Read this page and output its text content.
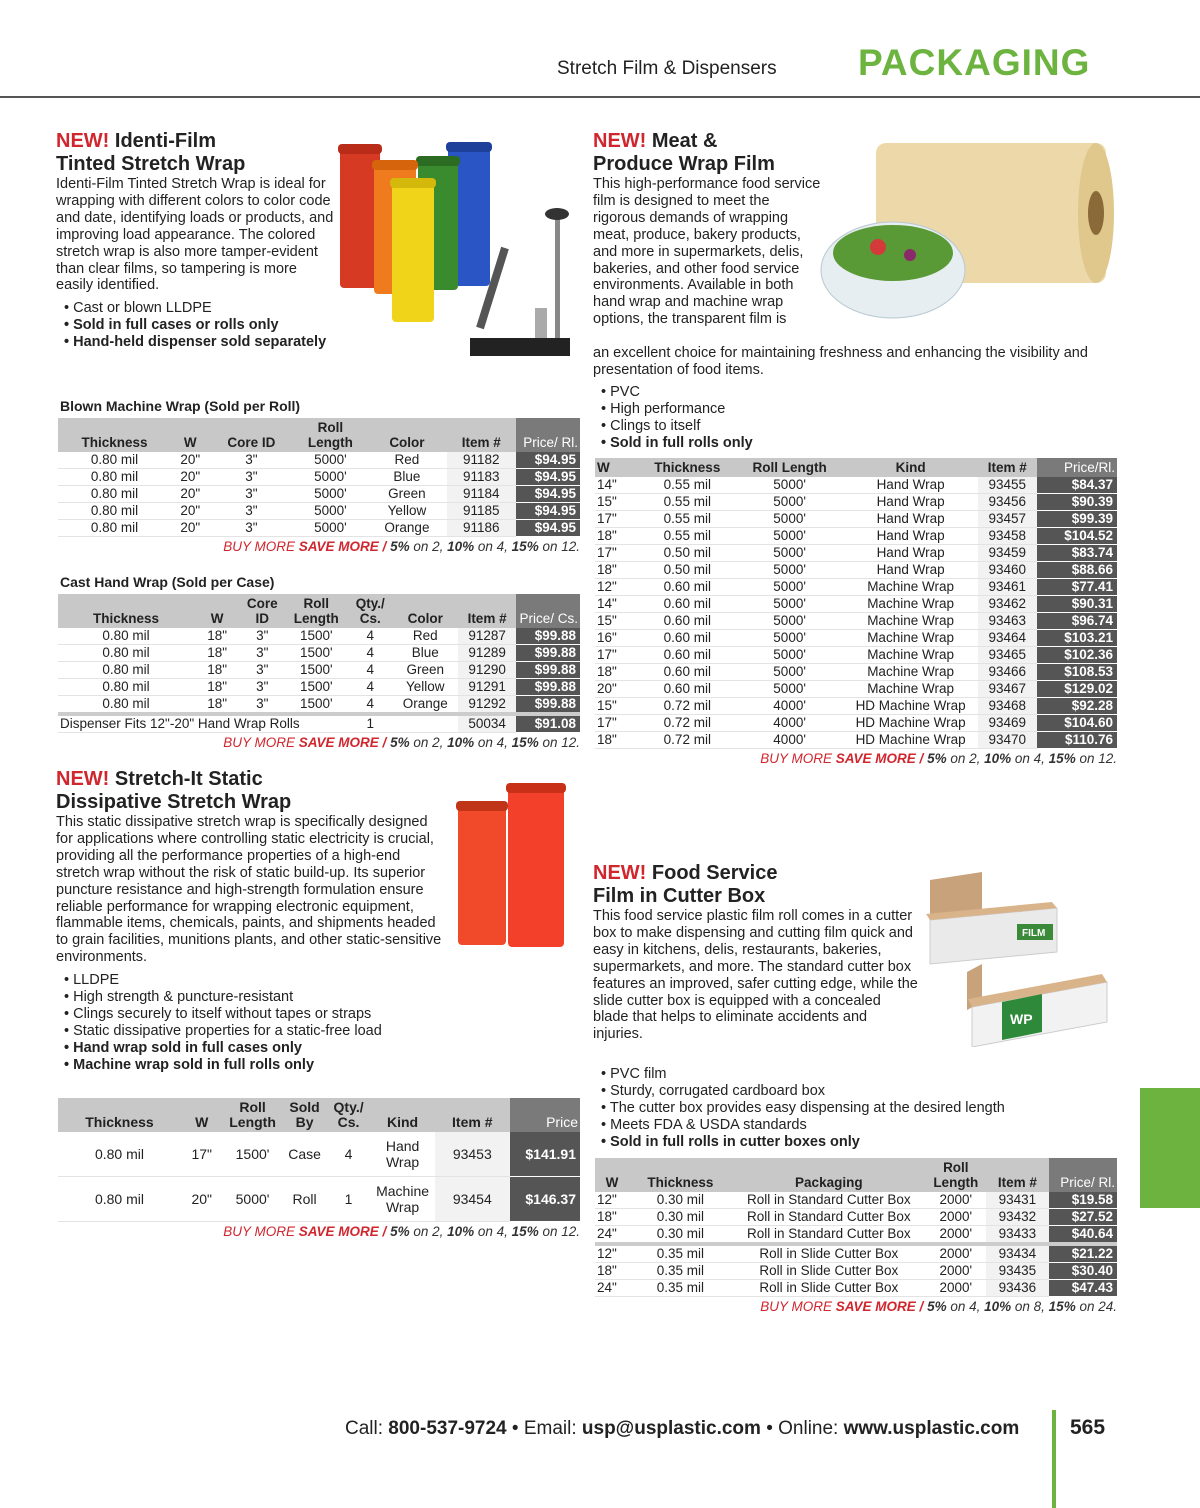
Stretch Film & Dispensers PACKAGING
NEW! Identi-Film
Tinted Stretch Wrap
Identi-Film Tinted Stretch Wrap is ideal for wrapping with different colors to color code and date, identifying loads or products, and improving load appearance. The colored stretch wrap is also more tamper-evident than clear films, so tampering is more easily identified.
• Cast or blown LLDPE
• Sold in full cases or rolls only
• Hand-held dispenser sold separately
Blown Machine Wrap (Sold per Roll)
Thickness	W	Core ID	Roll Length	Color	Item #	Price/ Rl.
0.80 mil	20"	3"	5000'	Red	91182	$94.95
0.80 mil	20"	3"	5000'	Blue	91183	$94.95
0.80 mil	20"	3"	5000'	Green	91184	$94.95
0.80 mil	20"	3"	5000'	Yellow	91185	$94.95
0.80 mil	20"	3"	5000'	Orange	91186	$94.95
BUY MORE SAVE MORE / 5% on 2, 10% on 4, 15% on 12.
Cast Hand Wrap (Sold per Case)
Thickness	W	Core ID	Roll Length	Qty./ Cs.	Color	Item #	Price/ Cs.
0.80 mil	18"	3"	1500'	4	Red	91287	$99.88
0.80 mil	18"	3"	1500'	4	Blue	91289	$99.88
0.80 mil	18"	3"	1500'	4	Green	91290	$99.88
0.80 mil	18"	3"	1500'	4	Yellow	91291	$99.88
0.80 mil	18"	3"	1500'	4	Orange	91292	$99.88
Dispenser Fits 12"-20" Hand Wrap Rolls				1		50034	$91.08
BUY MORE SAVE MORE / 5% on 2, 10% on 4, 15% on 12.
NEW! Stretch-It Static
Dissipative Stretch Wrap
This static dissipative stretch wrap is specifically designed for applications where controlling static electricity is crucial, providing all the performance properties of a high-end stretch wrap without the risk of static build-up. Its superior puncture resistance and high-strength formulation ensure reliable performance for wrapping electronic equipment, flammable items, chemicals, paints, and shipments headed to grain facilities, munitions plants, and other static-sensitive environments.
• LLDPE
• High strength & puncture-resistant
• Clings securely to itself without tapes or straps
• Static dissipative properties for a static-free load
• Hand wrap sold in full cases only
• Machine wrap sold in full rolls only
Thickness	W	Roll Length	Sold By	Qty./ Cs.	Kind	Item #	Price
0.80 mil	17"	1500'	Case	4	Hand Wrap	93453	$141.91
0.80 mil	20"	5000'	Roll	1	Machine Wrap	93454	$146.37
BUY MORE SAVE MORE / 5% on 2, 10% on 4, 15% on 12.
NEW! Meat &
Produce Wrap Film
This high-performance food service film is designed to meet the rigorous demands of wrapping meat, produce, bakery products, and more in supermarkets, delis, bakeries, and other food service environments. Available in both hand wrap and machine wrap options, the transparent film is
an excellent choice for maintaining freshness and enhancing the visibility and presentation of food items.
• PVC
• High performance
• Clings to itself
• Sold in full rolls only
W	Thickness	Roll Length	Kind	Item #	Price/Rl.
14"	0.55 mil	5000'	Hand Wrap	93455	$84.37
15"	0.55 mil	5000'	Hand Wrap	93456	$90.39
17"	0.55 mil	5000'	Hand Wrap	93457	$99.39
18"	0.55 mil	5000'	Hand Wrap	93458	$104.52
17"	0.50 mil	5000'	Hand Wrap	93459	$83.74
18"	0.50 mil	5000'	Hand Wrap	93460	$88.66
12"	0.60 mil	5000'	Machine Wrap	93461	$77.41
14"	0.60 mil	5000'	Machine Wrap	93462	$90.31
15"	0.60 mil	5000'	Machine Wrap	93463	$96.74
16"	0.60 mil	5000'	Machine Wrap	93464	$103.21
17"	0.60 mil	5000'	Machine Wrap	93465	$102.36
18"	0.60 mil	5000'	Machine Wrap	93466	$108.53
20"	0.60 mil	5000'	Machine Wrap	93467	$129.02
15"	0.72 mil	4000'	HD Machine Wrap	93468	$92.28
17"	0.72 mil	4000'	HD Machine Wrap	93469	$104.60
18"	0.72 mil	4000'	HD Machine Wrap	93470	$110.76
BUY MORE SAVE MORE / 5% on 2, 10% on 4, 15% on 12.
NEW! Food Service
Film in Cutter Box
This food service plastic film roll comes in a cutter box to make dispensing and cutting film quick and easy in kitchens, delis, restaurants, bakeries, supermarkets, and more. The standard cutter box features an improved, safer cutting edge, while the slide cutter box is equipped with a concealed blade that helps to eliminate accidents and injuries.
• PVC film
• Sturdy, corrugated cardboard box
• The cutter box provides easy dispensing at the desired length
• Meets FDA & USDA standards
• Sold in full rolls in cutter boxes only
FILM
WP
W	Thickness	Packaging	Roll Length	Item #	Price/ Rl.
12"	0.30 mil	Roll in Standard Cutter Box	2000'	93431	$19.58
18"	0.30 mil	Roll in Standard Cutter Box	2000'	93432	$27.52
24"	0.30 mil	Roll in Standard Cutter Box	2000'	93433	$40.64
12"	0.35 mil	Roll in Slide Cutter Box	2000'	93434	$21.22
18"	0.35 mil	Roll in Slide Cutter Box	2000'	93435	$30.40
24"	0.35 mil	Roll in Slide Cutter Box	2000'	93436	$47.43
BUY MORE SAVE MORE / 5% on 4, 10% on 8, 15% on 24.
Call: 800-537-9724 • Email: usp@usplastic.com • Online: www.usplastic.com 565
